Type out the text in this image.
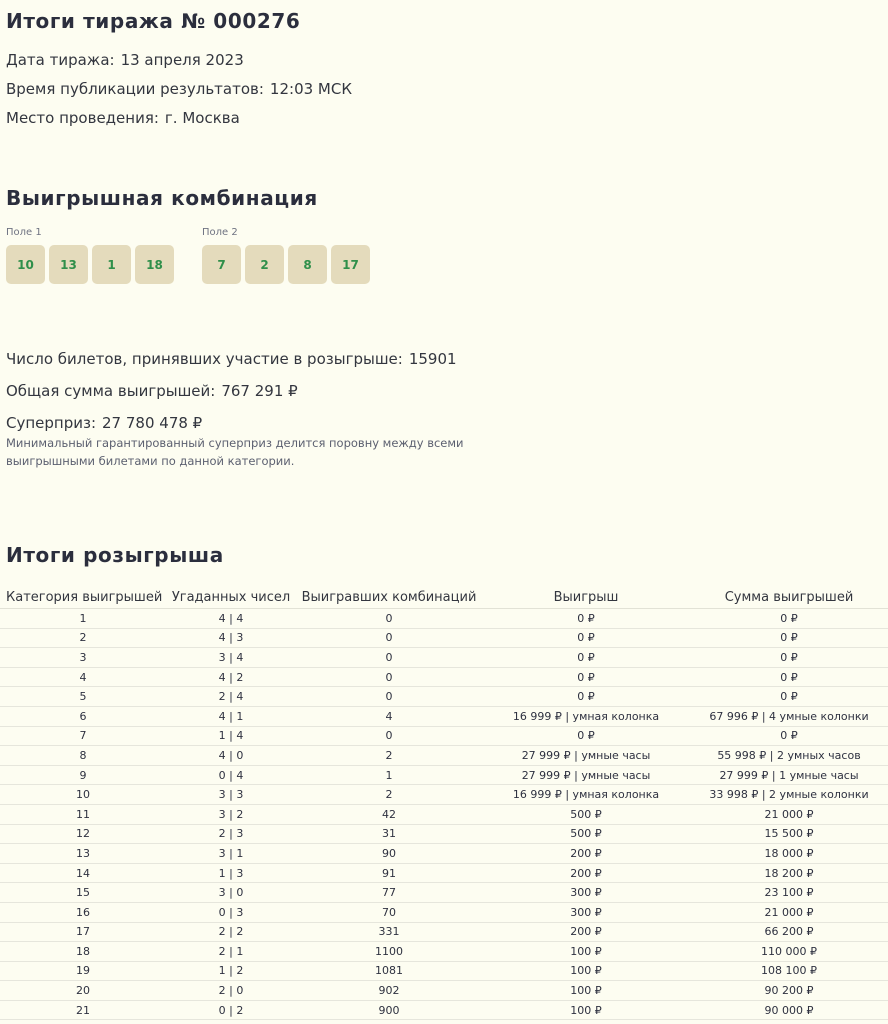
Итоги тиража № 000276
Дата тиража: 13 апреля 2023
Время публикации результатов: 12:03 МСК
Место проведения: г. Москва
Выигрышная комбинация
Поле 1
10	13	1	18
Поле 2
7	2	8	17
Число билетов, принявших участие в розыгрыше: 15901
Общая сумма выигрышей: 767 291 ₽
Суперприз: 27 780 478 ₽
Минимальный гарантированный суперприз делится поровну между всеми выигрышными билетами по данной категории.
Итоги розыгрыша
Категория выигрышей	Угаданных чисел	Выигравших комбинаций	Выигрыш	Сумма выигрышей
1	4 | 4	0	0 ₽	0 ₽
2	4 | 3	0	0 ₽	0 ₽
3	3 | 4	0	0 ₽	0 ₽
4	4 | 2	0	0 ₽	0 ₽
5	2 | 4	0	0 ₽	0 ₽
6	4 | 1	4	16 999 ₽ | умная колонка	67 996 ₽ | 4 умные колонки
7	1 | 4	0	0 ₽	0 ₽
8	4 | 0	2	27 999 ₽ | умные часы	55 998 ₽ | 2 умных часов
9	0 | 4	1	27 999 ₽ | умные часы	27 999 ₽ | 1 умные часы
10	3 | 3	2	16 999 ₽ | умная колонка	33 998 ₽ | 2 умные колонки
11	3 | 2	42	500 ₽	21 000 ₽
12	2 | 3	31	500 ₽	15 500 ₽
13	3 | 1	90	200 ₽	18 000 ₽
14	1 | 3	91	200 ₽	18 200 ₽
15	3 | 0	77	300 ₽	23 100 ₽
16	0 | 3	70	300 ₽	21 000 ₽
17	2 | 2	331	200 ₽	66 200 ₽
18	2 | 1	1100	100 ₽	110 000 ₽
19	1 | 2	1081	100 ₽	108 100 ₽
20	2 | 0	902	100 ₽	90 200 ₽
21	0 | 2	900	100 ₽	90 000 ₽
